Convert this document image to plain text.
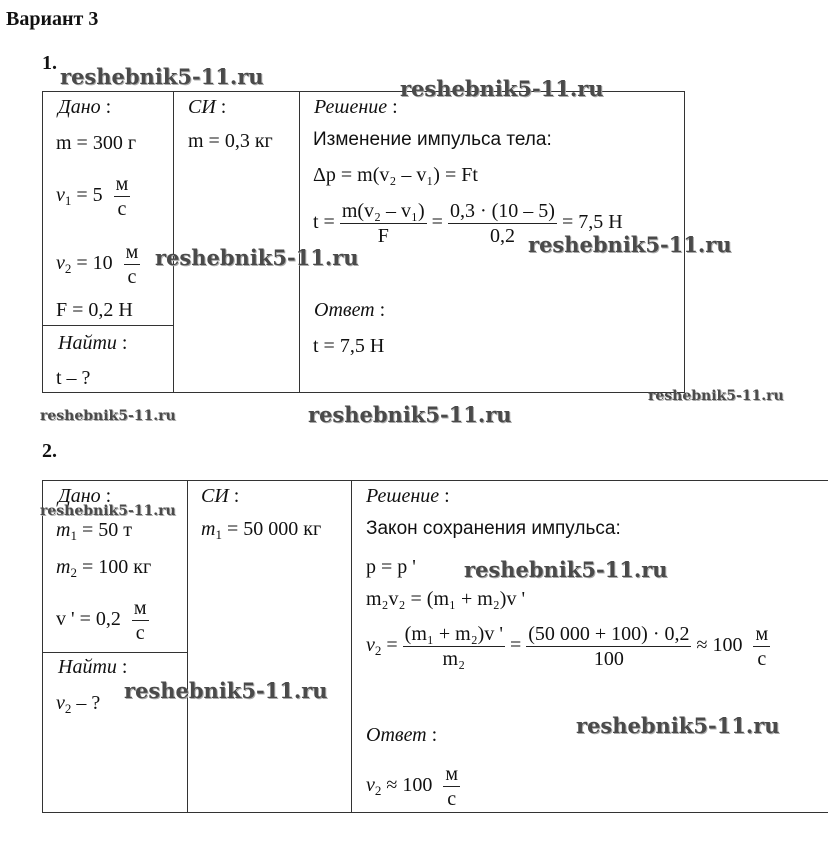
Вариант 3
1.
Дано :
m = 300 г
$v_1 = 5 \frac{м}{с}$
$v_2 = 10 \frac{м}{с}$
F = 0,2 Н
Найти :
t – ?
СИ :
m = 0,3 кг
Решение :
Изменение импульса тела:
Δp = m(v₂ – v₁) = Ft
$t = \frac{\text{m(v₂ – v₁)}}{F} = \frac{0,3 \cdot (10 - 5)}{0,2} = 7,5$ Н
Ответ :
t = 7,5 Н
2.
Дано :
$m_1 = 50$ т
$m_2 = 100$ кг
v ' = $0,2 \frac{м}{с}$
Найти :
$v_2$ – ?
СИ :
$m_1 = 50$ 000 кг
Решение :
Закон сохранения импульса:
p = p '
m₂v₂ = (m₁ + m₂)v '
$v_2 = \frac{\text{(m₁ + m₂)v '}}{\text{m₂}} = \frac{(50 000 + 100) \cdot 0,2}{100} \approx 100 \frac{м}{с}$
Ответ :
$v_2 \approx 100 \frac{м}{с}$
reshebnik5-11.ru	reshebnik5-11.ru
reshebnik5-11.ru
reshebnik5-11.ru
reshebnik5-11.ru
reshebnik5-11.ru	reshebnik5-11.ru
reshebnik5-11.ru
reshebnik5-11.ru
reshebnik5-11.ru
reshebnik5-11.ru
